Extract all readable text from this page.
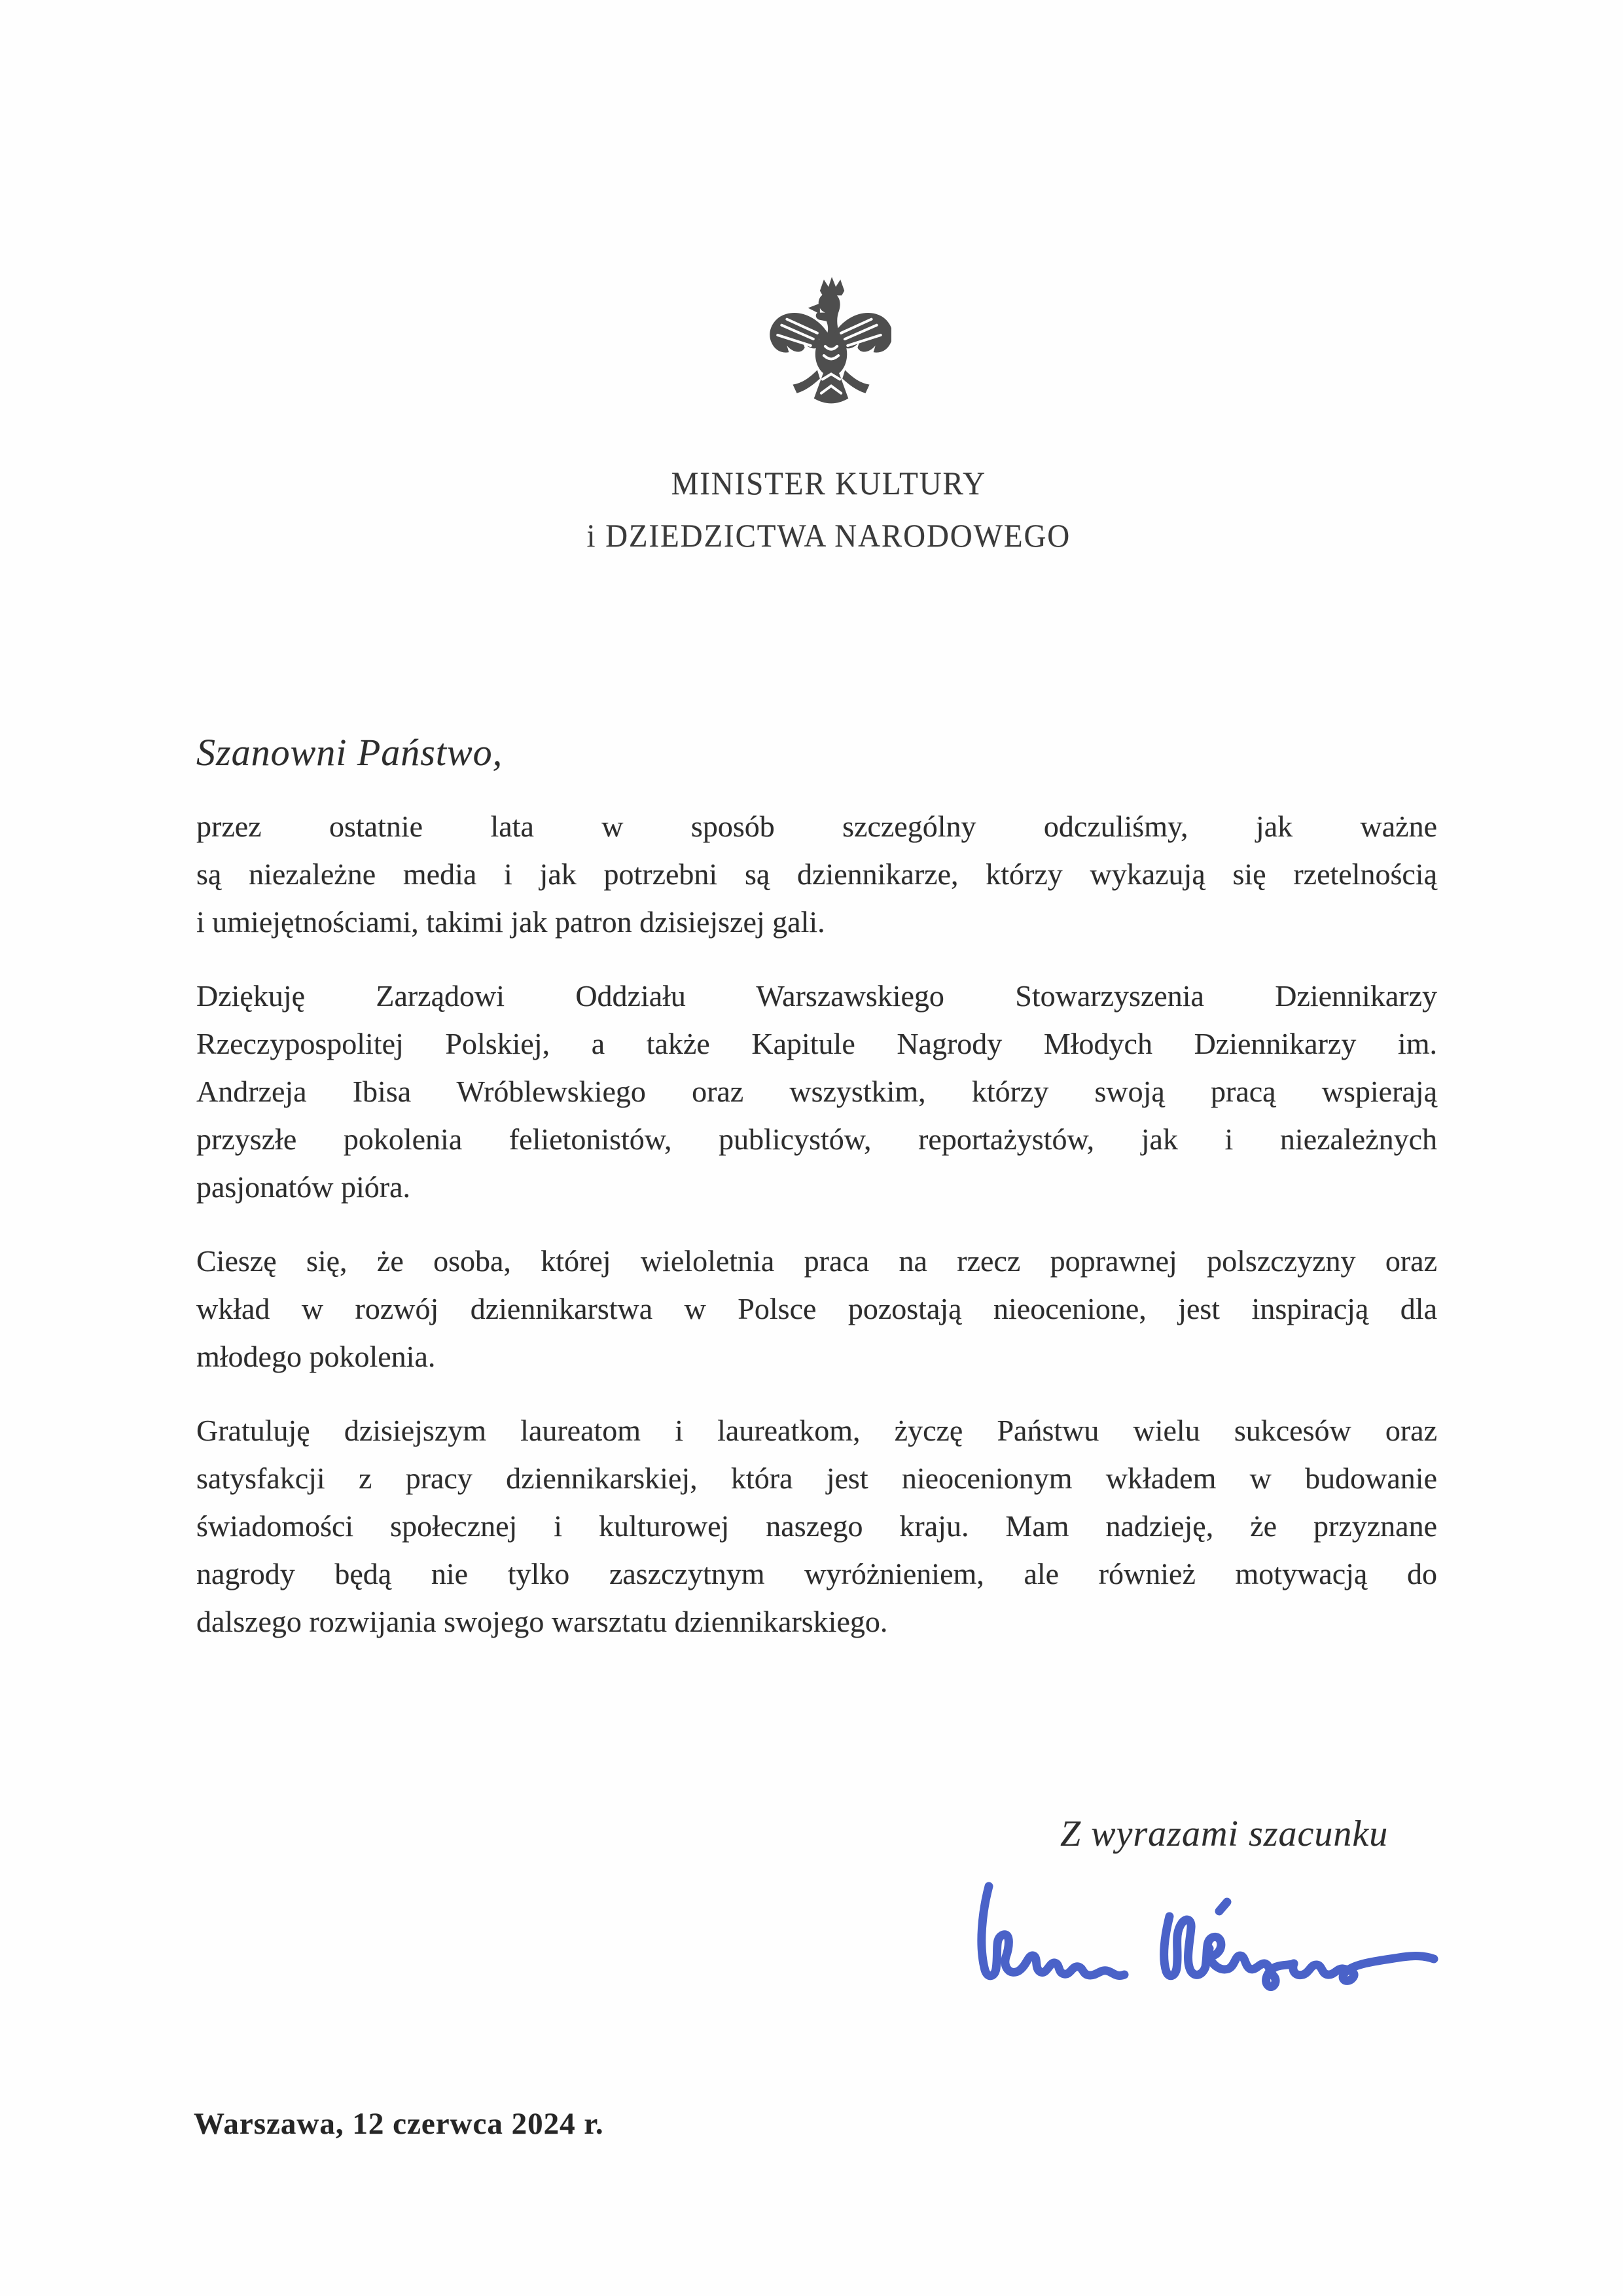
MINISTER KULTURY
i DZIEDZICTWA NARODOWEGO
Szanowni Państwo,
przez ostatnie lata w sposób szczególny odczuliśmy, jak ważne
są niezależne media i jak potrzebni są dziennikarze, którzy wykazują się rzetelnością
i umiejętnościami, takimi jak patron dzisiejszej gali.
Dziękuję Zarządowi Oddziału Warszawskiego Stowarzyszenia Dziennikarzy
Rzeczypospolitej Polskiej, a także Kapitule Nagrody Młodych Dziennikarzy im.
Andrzeja Ibisa Wróblewskiego oraz wszystkim, którzy swoją pracą wspierają
przyszłe pokolenia felietonistów, publicystów, reportażystów, jak i niezależnych
pasjonatów pióra.
Cieszę się, że osoba, której wieloletnia praca na rzecz poprawnej polszczyzny oraz
wkład w rozwój dziennikarstwa w Polsce pozostają nieocenione, jest inspiracją dla
młodego pokolenia.
Gratuluję dzisiejszym laureatom i laureatkom, życzę Państwu wielu sukcesów oraz
satysfakcji z pracy dziennikarskiej, która jest nieocenionym wkładem w budowanie
świadomości społecznej i kulturowej naszego kraju. Mam nadzieję, że przyznane
nagrody będą nie tylko zaszczytnym wyróżnieniem, ale również motywacją do
dalszego rozwijania swojego warsztatu dziennikarskiego.
Z wyrazami szacunku
Warszawa, 12 czerwca 2024 r.
